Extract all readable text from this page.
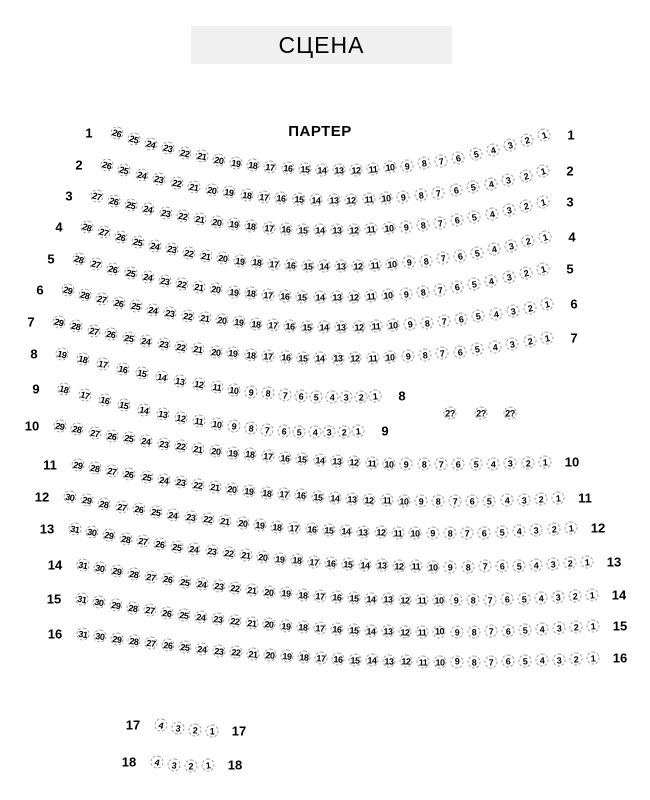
СЦЕНА
ПАРТЕР
1	1
26 25 24 23 22 21 20 19 18 17 16 15 14 13 12 11 10	9	8	7	6	5	4	3	2	1
2	2
26 25 24 23 22 21 20 19 18 17 16 15 14 13 12 11 10	9	8	7	6	5	4	3	2	1
3	3
27 26 25 24 23 22 21 20 19 18 17 16 15 14 13 12 11 10	9	8	7	6	5	4	3	2	1
4
4
28 27 26 25 24 23 22 21 20 19 18 17 16 15 14 13 12 11 10	9	8	7	6	5	4	3	2	1
5
5
28 27 26 25 24 23 22 21 20 19 18 17 16 15 14 13 12 11 10	9	8	7	6	5	4	3	2	1
6
6
29 28 27 26 25 24 23 22 21 20 19 18 17 16 15 14 13 12 11 10	9	8	7	6	5	4	3	2	1
7
7
29 28 27 26 25 24 23 22 21 20 19 18 17 16 15 14 13 12 11 10	9	8	7	6	5	4	3	2	1
8
8
19 18 17 16 15 14 13 12 11 10	9	8	7	6	5	4	3	2	1
9
9
18 17 16 15 14 13 12 11 10	9	8	7	6	5	4	3	2 1
10
10
29 28 27 26 25 24 23 22 21 20 19 18 17 16 15 14 13 12 11 10	9	8	7	6	5	4	3	2	1
11
11
29 28 27 26 25 24 23 22 21 20 19 18 17 16 15 14 13 12 11 10	9	8	7	6	5	4	3	2	1
12
12
30 29 28 27 26 25 24 23 22 21 20 19 18 17 16 15 14 13 12 11 10	9	8	7	6	5	4	3	2	1
13
13
31 30 29 28 27 26 25 24 23 22 21 20 19 18 17 16 15 14 13 12 11 10	9	8	7	6	5	4	3	2	1
14
14
31 30 29 28 27 26 25 24 23 22 21 20 19 18 17 16 15 14 13 12 11 10	9	8	7	6	5	4	3	2	1
15
15
31 30 29 28 27 26 25 24 23 22 21 20 19 18 17 16 15 14 13 12 11 10	9	8	7	6	5	4	3	2	1
16
16
31 30 29 28 27 26 25 24 23 22 21 20 19 18 17 16 15 14 13 12 11 10	9	8	7	6	5	4	3	2	1
17	17
4	3	2	1
18	18
4	3	2	1
2? 2? 2?
